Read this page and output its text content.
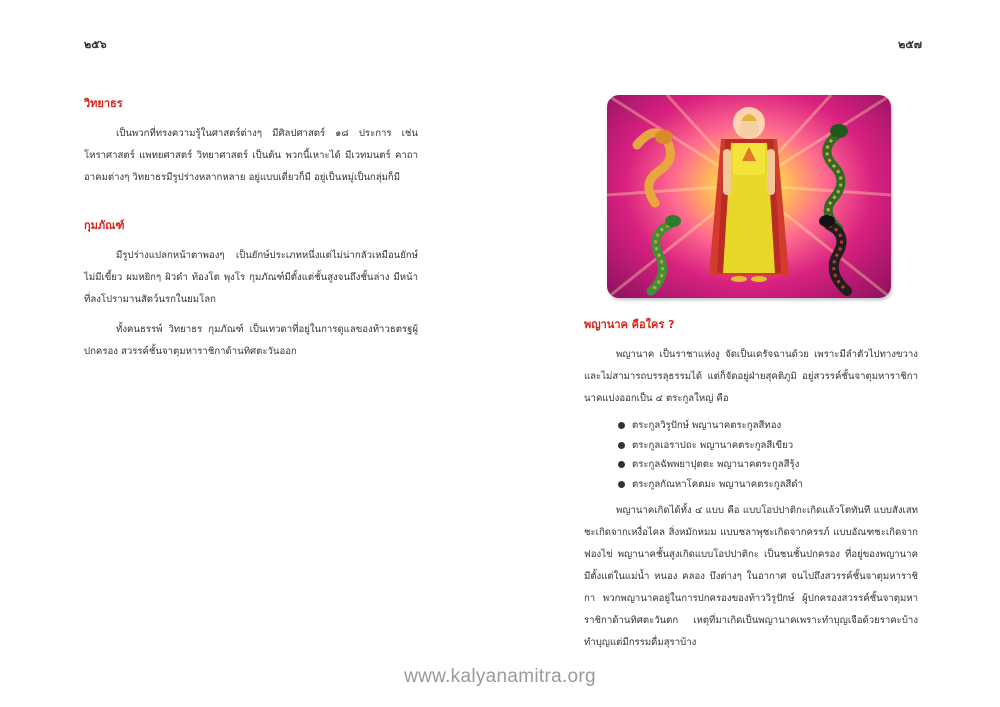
๒๕๖	๒๕๗
วิทยาธร

เป็นพวกที่ทรงความรู้ในศาสตร์ต่างๆ มีศิลปศาสตร์ ๑๘ ประการ เช่น โหราศาสตร์ แพทยศาสตร์ วิทยาศาสตร์ เป็นต้น พวกนี้เหาะได้ มีเวทมนตร์ คาถาอาคมต่างๆ วิทยาธรมีรูปร่างหลากหลาย อยู่แบบเดี่ยวก็มี อยู่เป็นหมู่เป็นกลุ่มก็มี

กุมภัณฑ์

มีรูปร่างแปลกหน้าตาพองๆ เป็นยักษ์ประเภทหนึ่งแต่ไม่น่ากลัวเหมือนยักษ์ ไม่มีเขี้ยว ผมหยิกๆ ผิวดำ ท้องโต พุงโร กุมภัณฑ์มีตั้งแต่ชั้นสูงจนถึงชั้นล่าง มีหน้าที่ลงโปรามานสัตว์นรกในยมโลก

ทั้งคนธรรพ์ วิทยาธร กุมภัณฑ์ เป็นเทวดาที่อยู่ในการดูแลของท้าวธตรฐผู้ปกครอง สวรรค์ชั้นจาตุมหาราชิกาด้านทิศตะวันออก

พญานาค คือใคร ?

พญานาค เป็นราชาแห่งงู จัดเป็นเดรัจฉานด้วย เพราะมีลำตัวไปทางขวาง และไม่สามารถบรรลุธรรมได้ แต่ก็จัดอยู่ฝ่ายสุคติภูมิ อยู่สวรรค์ชั้นจาตุมหาราชิกา นาคแบ่งออกเป็น ๔ ตระกูลใหญ่ คือ

ตระกูลวิรูปักษ์ พญานาคตระกูลสีทอง
ตระกูลเอราปถะ พญานาคตระกูลสีเขียว
ตระกูลฉัพพยาปุตตะ พญานาคตระกูลสีรุ้ง
ตระกูลกัณหาโคตมะ พญานาคตระกูลสีดำ

พญานาคเกิดได้ทั้ง ๔ แบบ คือ แบบโอปปาติกะเกิดแล้วโตทันที แบบสังเสทชะเกิดจากเหงื่อไคล สิ่งหมักหมม แบบชลาพุชะเกิดจากครรภ์ แบบอัณฑชะเกิดจากฟองไข่ พญานาคชั้นสูงเกิดแบบโอปปาติกะ เป็นชนชั้นปกครอง ที่อยู่ของพญานาคมีตั้งแต่ในแม่น้ำ หนอง คลอง บึงต่างๆ ในอากาศ จนไปถึงสวรรค์ชั้นจาตุมหาราชิกา พวกพญานาคอยู่ในการปกครองของท้าววิรูปักษ์ ผู้ปกครองสวรรค์ชั้นจาตุมหาราชิกาด้านทิศตะวันตก เหตุที่มาเกิดเป็นพญานาคเพราะทำบุญเจือด้วยราคะบ้าง ทำบุญแต่มีกรรมดื่มสุราบ้าง

www.kalyanamitra.org
